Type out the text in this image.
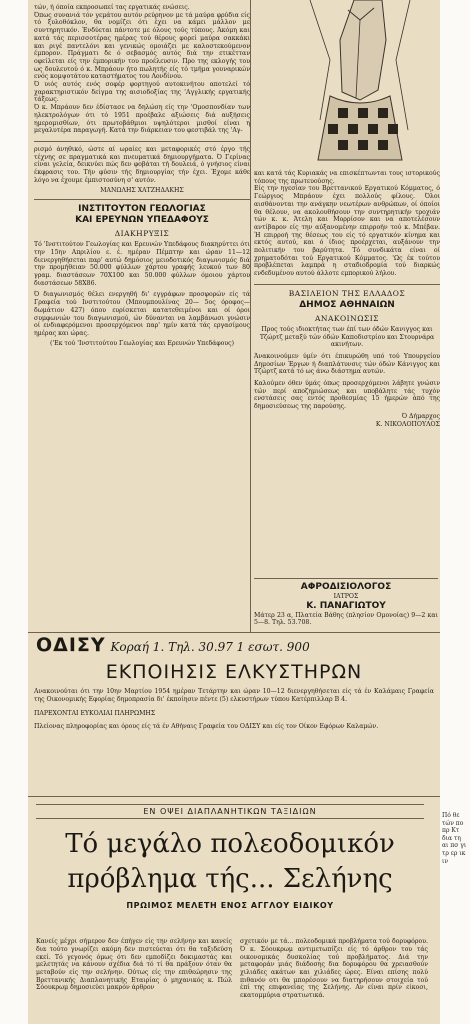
τών, ή όποία εκπροσωπεί τας εργατικάς ενώσεις.

Όπως συνανιά τόν γεμάτου αυτόν ρεύρηνον με τά μαύρα φρύδια είς τό ξυλοθόκλον, θα νομίζει ότι έχει να κάμει μάλλον με συντηρητικόν. Ένδύεται πάντοτε με όλους τούς τύπους. Άκόμη και κατά τάς περισσοτέρας ημέρας τού θέρους φορεί μαύρα σακκάκι και ριγέ παντελόνι και γενικώς ομοιάζει με καλοστεκούμενον έμπορον. Πράγματι δε ό σεβασμός αυτός διά την ετικέτταν οφείλεται είς την έμπορικήν του προέλευσιν. Προ της εκλογής του ως δουλευτού ό κ. Μπράουν ήτο πωλητής είς τό τμήμα γουναρικών ενός κομψοτάτου καταστήματος του Λονδίνου.

Ό υιός αυτός ενός σοφέρ φορτηγού αυτοκινήτου αποτελεί τό χαρακτηριστικόν δείγμα της αισιοδοξίας της 'Αγγλικής εργατικής τάξεως.

Ό κ. Μπράουν δεν έδίστασε να δηλώση είς την 'Ομοσπονδίαν των ηλεκτρολόγων ότι τό 1951 προέβαλε αξιώσεις διά αυξήσεις ημερομισθίων, ότι πρωτοβάθμιοι υψηλότεροι μισθοί είναι η μεγαλυτέρα παραγωγή. Κατά την διάρκειαν του φεστιβάλ της 'Αγ-

ρισμό άνηθικό, ώστε αί ωραίες και μεταφορικές στό έργο τής τέχνης σε πραγματικά και πνευματικά δημιουργήματα. Ό Γερίνας είναι γελεία, δεικνύει πώς δεν φοβάται τή δουλειά, ό γνήσιος είναι έκφρασις του. Τήν φύσιν τής δημιουργίας τήν έχει. Έχομε κάθε λόγο να έχουμε έμπιστοσύνη σ' αυτόν.

ΜΑΝΩΛΗΣ ΧΑΤΖΗΔΑΚΗΣ

ΙΝΣΤΙΤΟΥΤΟΝ ΓΕΩΛΟΓΙΑΣ

ΚΑΙ ΕΡΕΥΝΩΝ ΥΠΕΔΑΦΟΥΣ

ΔΙΑΚΗΡΥΞΙΣ

Τό 'Ινστιτούτον Γεωλογίας και Ερευνών Υπεδάφους διακηρύττει ότι την 15ην Απριλίου ε. έ. ημέραν Πέμπτην και ώραν 11—12 διενεργηθήσεται παρ' αυτώ δημόσιος μειοδοτικός διαγωνισμός διά την προμήθειαν 50.000 φύλλων χάρτου γραφής λευκού των 80 γραμ. διαστάσεων 70Χ100 και 50.000 φύλλων όμοιου χάρτου διαστάσεων 58Χ86.

Ό διαγωνισμός θέλει ενεργηθή δι' εγγράφων προσφορών είς τά Γραφεία τού Ινστιτούτου (Μπουμπουλίνας 20— 5ος όροφος— δωμάτιον 427) όπου ευρίσκεται κατατεθειμένοι και οί όροι συμφωνιών του διαγωνισμού, ών δύνανται να λαμβάνωσι γνώσιν οί ενδιαφερόμενοι προσερχόμενοι παρ' ημίν κατά τάς εργασίμους ημέρας και ώρας.

('Εκ τού 'Ινστιτούτου Γεωλογίας και Ερευνών Υπεδάφους)

και κατά τάς Κυριακάς να επισκέπτωνται τους ιστορικούς τόπους της πρωτευούσης.

Είς την ηγεσίαν του Βρεττανικού Εργατικού Κόμματος, ό Γεώργιος Μπράουν έχει πολλούς φίλους. Όλοι αισθάνονται την ανάγκην νεωτέρων ανθρώπων, οί όποίοι θα θέλουν, να ακολουθήσουν την συντηρητικήν τροχιάν τών κ. κ. Άτελη και Μορρίσον και να αποτελέσουν αντίβαρον είς την αύξανομένην επιρροήν τού κ. Μπέβαν. Ή επιρροή της θέσεως του είς τό εργατικόν κίνημα και εκτός αυτού, και ό ίδιος προέρχεται, αυξάνουν την πολιτικήν του βαρύτητα. Τό συνδικάτα είναι οί χρηματοδόται τού Εργατικού Κόμματος. 'Ως έκ τούτου προβλέπεται λαμπρά η σταδιοδρομία τού διαρκώς ενδεδυμένου αυτού άλλοτε εμπορικού λήλου.

ΒΑΣΙΛΕΙΟΝ ΤΗΣ ΕΛΛΑΔΟΣ

ΔΗΜΟΣ ΑΘΗΝΑΙΩΝ

ΑΝΑΚΟΙΝΩΣΙΣ

Προς τούς ιδιοκτήτας των έπί των όδών Κανιγγος και Τζώρτζ μεταξύ τών όδών Καποδιστρίου και Στουρνάρα ακινήτων.

Άνακοινούμεν ύμίν ότι έπικυρώθη υπό τού Υπουργείου Δημοσίων Έργων ή διαπλάτυνσις τών όδών Κάνιγγος και Τζώρτζ κατά τό ως άνω διάστημα αυτών.

Καλούμεν όθεν ύμάς όπως προσερχόμενοι λάβητε γνώσιν τών περί αποζημιώσεως και υποβάλητε τάς τυχόν ενστάσεις σας εντός προθεσμίας 15 ήμερών άπό της δημοσιεύσεως της παρούσης.

Ό Δήμαρχος

Κ. ΝΙΚΟΛΟΠΟΥΛΟΣ

ΑΦΡΟΔΙΣΙΟΛΟΓΟΣ

ΙΑΤΡΟΣ

Κ. ΠΑΝΑΓΙΩΤΟΥ

Μάτερ 23 α, Πλατεία Βάθης (πλησίον Ομονοίας) 9—2 και 5—8. Τηλ. 53.708.

ΟΔΙΣΥ Κοραή 1. Τηλ. 30.97 1 εσωτ. 900
ΕΚΠΟΙΗΣΙΣ ΕΛΚΥΣΤΗΡΩΝ

Ανακοινούται ότι την 10ην Μαρτίου 1954 ημέραν Τετάρτην και ώραν 10—12 διενεργηθήσεται είς τά έν Καλάμαις Γραφεία της Οικονομικής Εφορίας δημοπρασία δι' έκποίησιν πέντε (5) ελκυστήρων τύπου Κατέρπιλλαρ Β 4.

ΠΑΡΕΧΟΝΤΑΙ ΕΥΚΟΛΙΑΙ ΠΛΗΡΩΜΗΣ

Πλείονας πληροφορίας και όρους είς τά έν Αθήναις Γραφεία του ΟΔΙΣΥ και είς τον Οίκον Εφόρων Καλαμών.

ΕΝ ΟΨΕΙ ΔΙΑΠΛΑΝΗΤΙΚΩΝ ΤΑΞΙΔΙΩΝ
Τό μεγάλο πολεοδομικόν
πρόβλημα τής... Σελήνης
ΠΡΩΙΜΟΣ ΜΕΛΕΤΗ ΕΝΟΣ ΑΓΓΛΟΥ ΕΙΔΙΚΟΥ

Κανείς μέχρι σήμερον δεν έπήγεν είς την σελήνην και κανείς δια τούτο γνωρίζει ακόμη δεν πιστεύεται ότι θα ταξιδεύση εκεί. Τό γεγονός όμως ότι δεν εμποδίζει δοκιμαστάς και μελετητάς να κάνουν σχέδια διά τό τί θα πράξουν όταν θα μεταβούν είς την σελήνην. Ούτως είς την επιθεώρησιν της Βρεττανικής Διαπλανητικής Εταιρίας ό μηχανικός κ. Πώλ Σόουκρωμ δημοσιεύει μακρόν άρθρον

σχετικόν με τά... πολεοδομικά προβλήματα τού δορυφόρου. Ό κ. Σόουκρωμ αντιμετωπίζει είς τό άρθρον του τάς οικονομικάς δυσκολίας τού προβλήματος. Διά την μεταφοράν μιάς διάδοσης δια δορυφόρου θα χρειασθούν χιλιάδες ακάτων και χιλιάδες ώρες. Είναι επίσης πολύ πιθανόν οτι θα μπορέσουν να διατηρήσουν στοιχεία τού έπί της επιφανείας της Σελήνης. Αν είναι πρίν είκοσι, εκατομμύρια στρατιωτικά.

Πό θε τών πο πρ Κτ δια τη αι πσ γι τρ ερ ικ ιν
